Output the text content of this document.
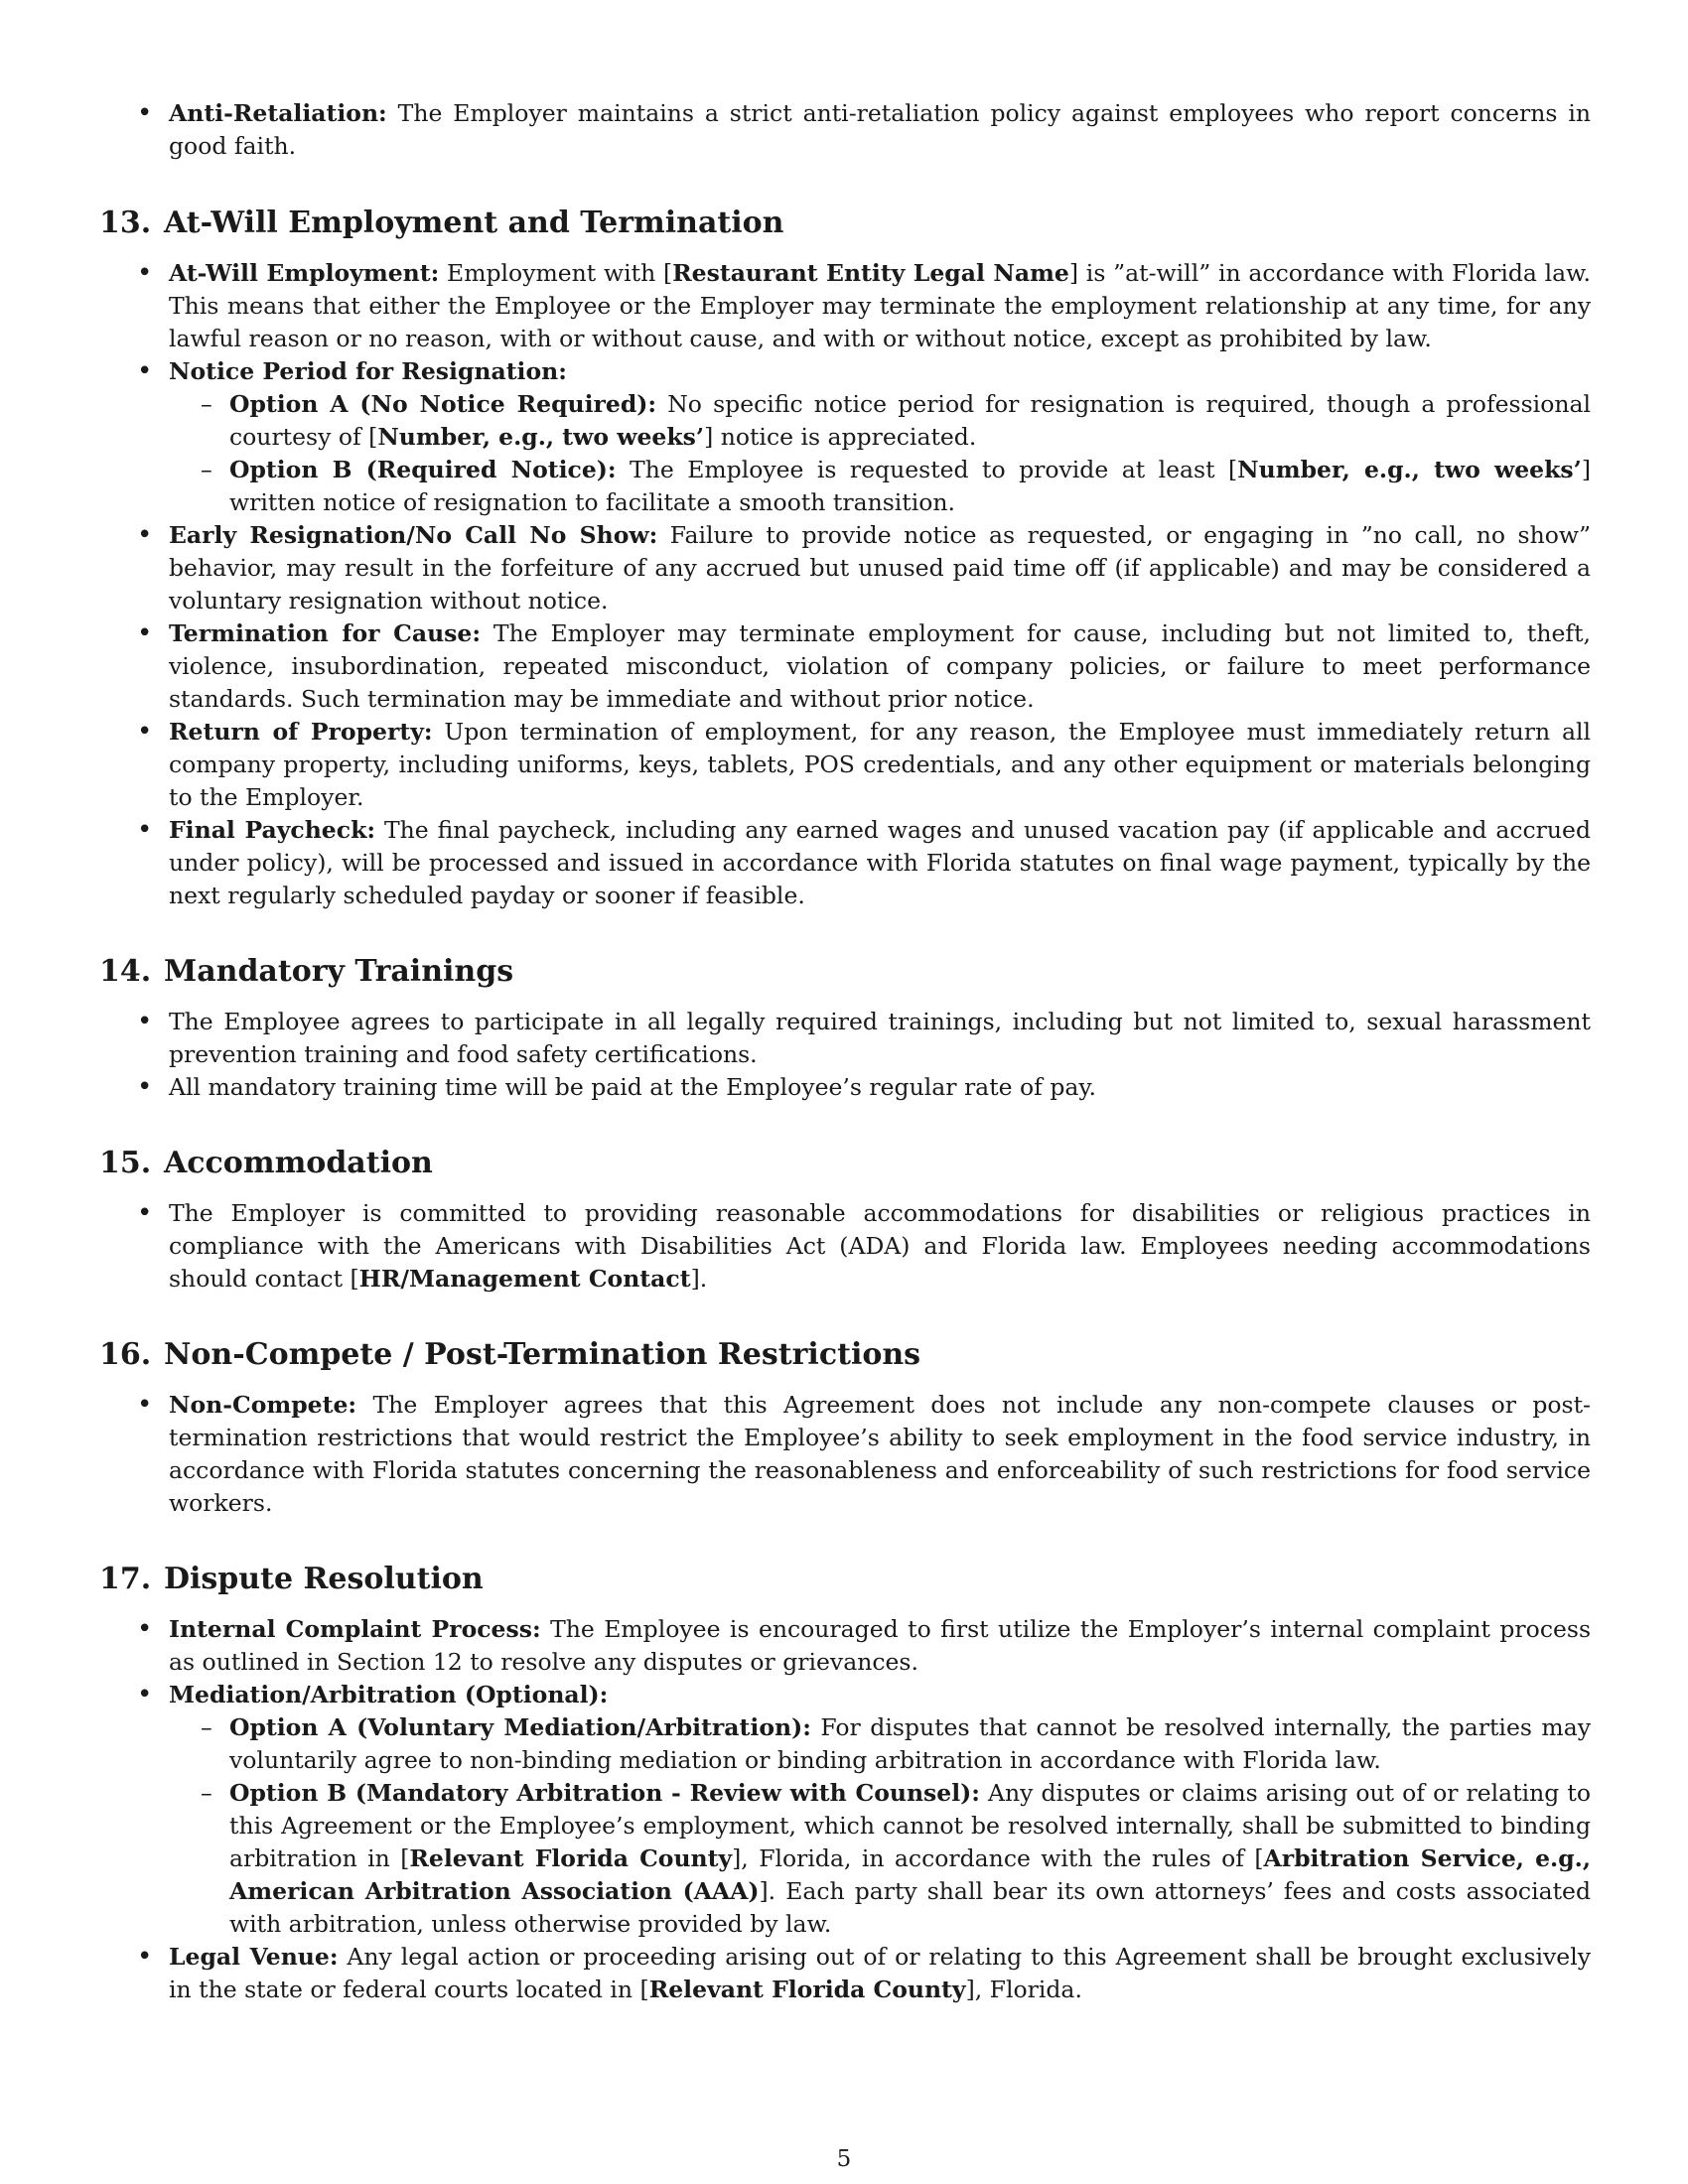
• Anti-Retaliation: The Employer maintains a strict anti-retaliation policy against employees who report concerns in good faith.

13. At-Will Employment and Termination

• At-Will Employment: Employment with [Restaurant Entity Legal Name] is ”at-will” in accordance with Florida law. This means that either the Employee or the Employer may terminate the employment relationship at any time, for any lawful reason or no reason, with or without cause, and with or without notice, except as prohibited by law.

• Notice Period for Resignation:

– Option A (No Notice Required): No specific notice period for resignation is required, though a professional courtesy of [Number, e.g., two weeks’] notice is appreciated.

– Option B (Required Notice): The Employee is requested to provide at least [Number, e.g., two weeks’] written notice of resignation to facilitate a smooth transition.

• Early Resignation/No Call No Show: Failure to provide notice as requested, or engaging in ”no call, no show” behavior, may result in the forfeiture of any accrued but unused paid time off (if applicable) and may be considered a voluntary resignation without notice.

• Termination for Cause: The Employer may terminate employment for cause, including but not limited to, theft, violence, insubordination, repeated misconduct, violation of company policies, or failure to meet performance standards. Such termination may be immediate and without prior notice.

• Return of Property: Upon termination of employment, for any reason, the Employee must immediately return all company property, including uniforms, keys, tablets, POS credentials, and any other equipment or materials belonging to the Employer.

• Final Paycheck: The final paycheck, including any earned wages and unused vacation pay (if applicable and accrued under policy), will be processed and issued in accordance with Florida statutes on final wage payment, typically by the next regularly scheduled payday or sooner if feasible.

14. Mandatory Trainings

• The Employee agrees to participate in all legally required trainings, including but not limited to, sexual harassment prevention training and food safety certifications.

• All mandatory training time will be paid at the Employee’s regular rate of pay.

15. Accommodation

• The Employer is committed to providing reasonable accommodations for disabilities or religious practices in compliance with the Americans with Disabilities Act (ADA) and Florida law. Employees needing accommodations should contact [HR/Management Contact].

16. Non-Compete / Post-Termination Restrictions

• Non-Compete: The Employer agrees that this Agreement does not include any non-compete clauses or post-termination restrictions that would restrict the Employee’s ability to seek employment in the food service industry, in accordance with Florida statutes concerning the reasonableness and enforceability of such restrictions for food service workers.

17. Dispute Resolution

• Internal Complaint Process: The Employee is encouraged to first utilize the Employer’s internal complaint process as outlined in Section 12 to resolve any disputes or grievances.

• Mediation/Arbitration (Optional):

– Option A (Voluntary Mediation/Arbitration): For disputes that cannot be resolved internally, the parties may voluntarily agree to non-binding mediation or binding arbitration in accordance with Florida law.

– Option B (Mandatory Arbitration - Review with Counsel): Any disputes or claims arising out of or relating to this Agreement or the Employee’s employment, which cannot be resolved internally, shall be submitted to binding arbitration in [Relevant Florida County], Florida, in accordance with the rules of [Arbitration Service, e.g., American Arbitration Association (AAA)]. Each party shall bear its own attorneys’ fees and costs associated with arbitration, unless otherwise provided by law.

• Legal Venue: Any legal action or proceeding arising out of or relating to this Agreement shall be brought exclusively in the state or federal courts located in [Relevant Florida County], Florida.

5
